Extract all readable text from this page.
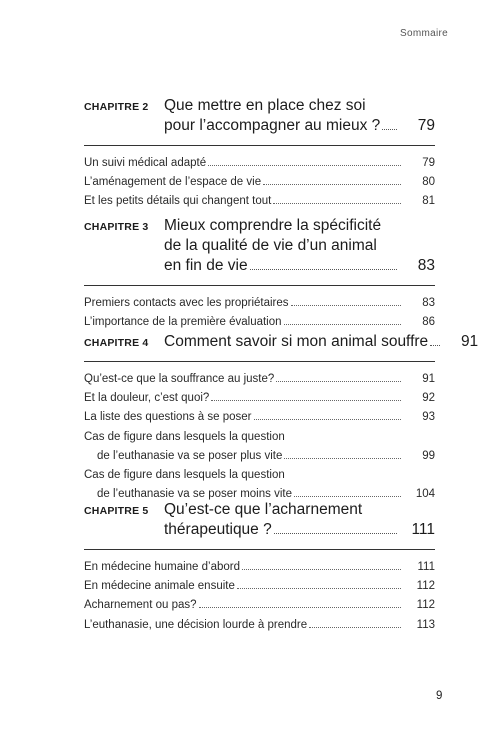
Sommaire
CHAPITRE 2	Que mettre en place chez soi
pour l’accompagner au mieux ?	79
Un suivi médical adapté	79
L’aménagement de l’espace de vie	80
Et les petits détails qui changent tout	81
CHAPITRE 3	Mieux comprendre la spécificité
de la qualité de vie d’un animal
en fin de vie	83
Premiers contacts avec les propriétaires	83
L’importance de la première évaluation	86
CHAPITRE 4	Comment savoir si mon animal souffre	91
Qu’est-ce que la souffrance au juste?	91
Et la douleur, c’est quoi?	92
La liste des questions à se poser	93
Cas de figure dans lesquels la question
de l’euthanasie va se poser plus vite	99
Cas de figure dans lesquels la question
de l’euthanasie va se poser moins vite	104
CHAPITRE 5	Qu’est-ce que l’acharnement
thérapeutique ?	111
En médecine humaine d’abord	111
En médecine animale ensuite	112
Acharnement ou pas?	112
L’euthanasie, une décision lourde à prendre	113
9
